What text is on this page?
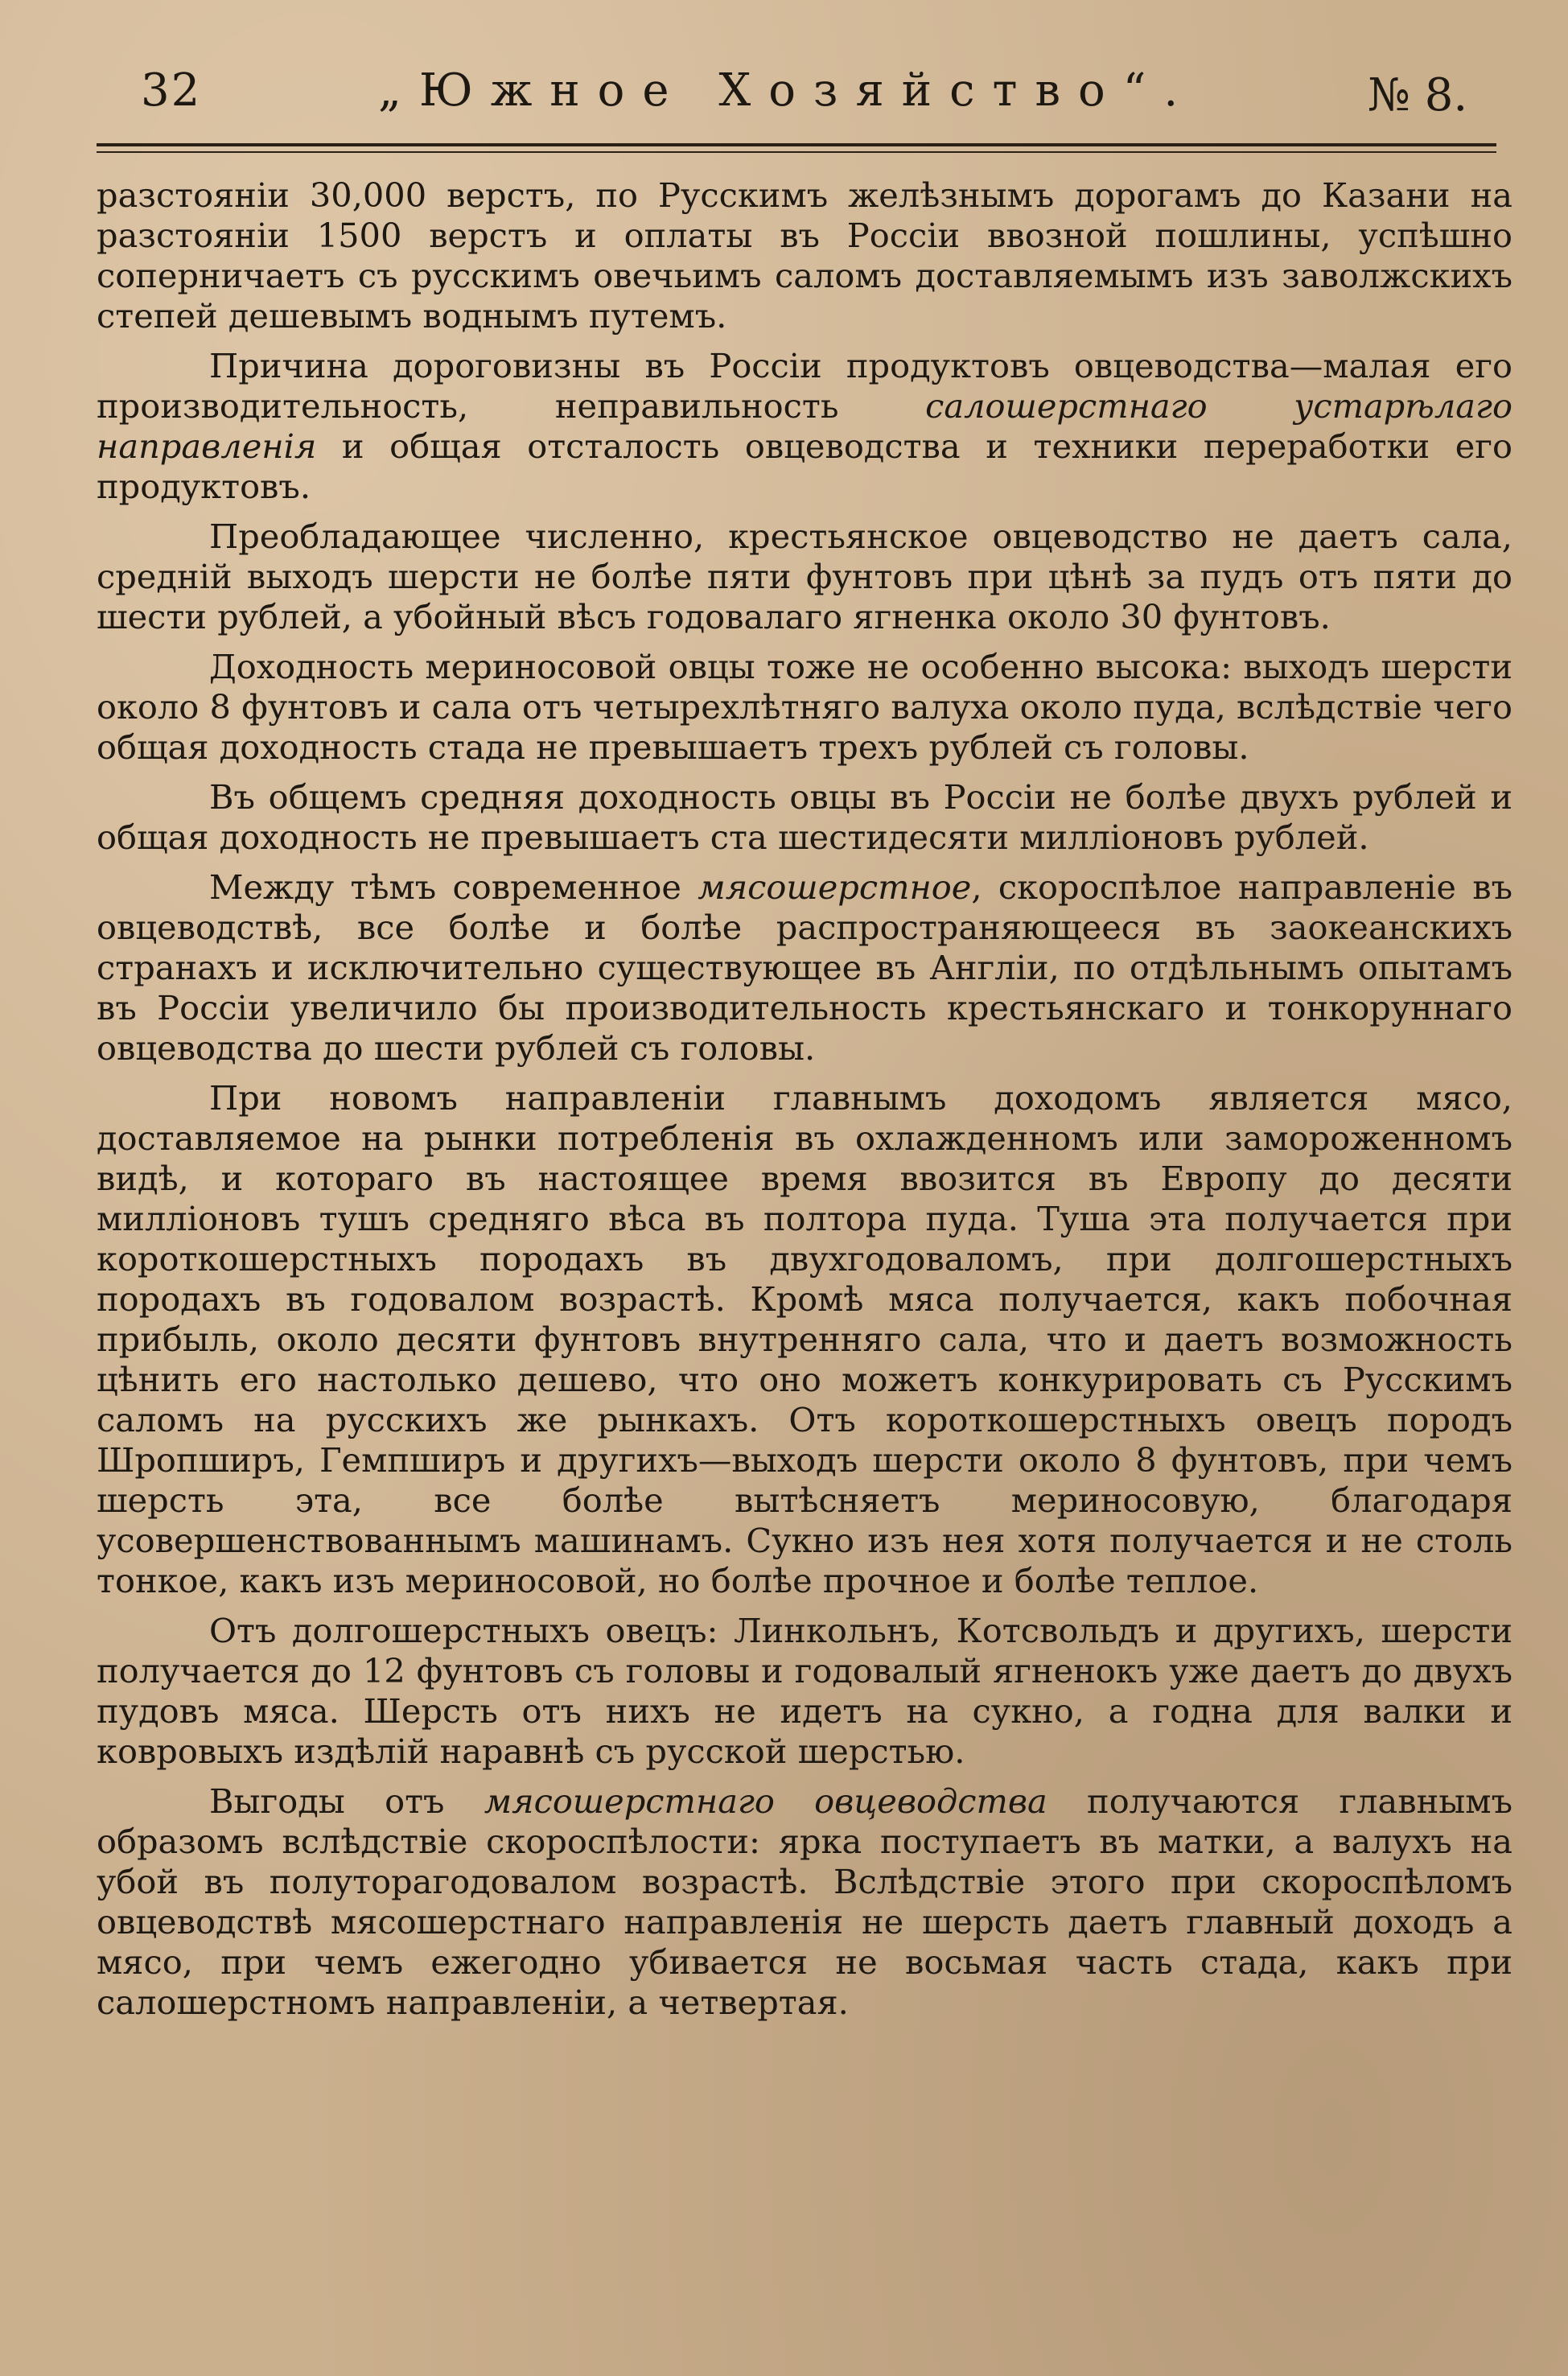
32	„Южное Хозяйство“.	№ 8.

разстояніи 30,000 верстъ, по Русскимъ желѣзнымъ дорогамъ до Казани на разстояніи 1500 верстъ и оплаты въ Россіи ввозной пошлины, успѣшно соперничаетъ съ русскимъ овечьимъ саломъ доставляемымъ изъ заволжскихъ степей дешевымъ воднымъ путемъ.

Причина дороговизны въ Россіи продуктовъ овцеводства—малая его производительность, неправильность салошерстнаго устарѣлаго направленія и общая отсталость овцеводства и техники переработки его продуктовъ.

Преобладающее численно, крестьянское овцеводство не даетъ сала, среднiй выходъ шерсти не болѣе пяти фунтовъ при цѣнѣ за пудъ отъ пяти до шести рублей, а убойный вѣсъ годовалаго ягненка около 30 фунтовъ.

Доходность мериносовой овцы тоже не особенно высока: выходъ шерсти около 8 фунтовъ и сала отъ четырехлѣтняго валуха около пуда, вслѣдствіе чего общая доходность стада не превышаетъ трехъ рублей съ головы.

Въ общемъ средняя доходность овцы въ Россіи не болѣе двухъ рублей и общая доходность не превышаетъ ста шестидесяти милліоновъ рублей.

Между тѣмъ современное мясошерстное, скороспѣлое направленіе въ овцеводствѣ, все болѣе и болѣе распространяющееся въ заокеанскихъ странахъ и исключительно существующее въ Англіи, по отдѣльнымъ опытамъ въ Россіи увеличило бы производительность крестьянскаго и тонкоруннаго овцеводства до шести рублей съ головы.

При новомъ направленіи главнымъ доходомъ является мясо, доставляемое на рынки потребленія въ охлажденномъ или замороженномъ видѣ, и котораго въ настоящее время ввозится въ Европу до десяти милліоновъ тушъ средняго вѣса въ полтора пуда. Туша эта получается при короткошерстныхъ породахъ въ двухгодоваломъ, при долгошерстныхъ породахъ въ годовалом возрастѣ. Кромѣ мяса получается, какъ побочная прибыль, около десяти фунтовъ внутренняго сала, что и даетъ возможность цѣнить его настолько дешево, что оно можетъ конкурировать съ Русскимъ саломъ на русскихъ же рынкахъ. Отъ короткошерстныхъ овецъ породъ Шропширъ, Гемпширъ и другихъ—выходъ шерсти около 8 фунтовъ, при чемъ шерсть эта, все болѣе вытѣсняетъ мериносовую, благодаря усовершенствованнымъ машинамъ. Сукно изъ нея хотя получается и не столь тонкое, какъ изъ мериносовой, но болѣе прочное и болѣе теплое.

Отъ долгошерстныхъ овецъ: Линкольнъ, Котсвольдъ и другихъ, шерсти получается до 12 фунтовъ съ головы и годовалый ягненокъ уже даетъ до двухъ пудовъ мяса. Шерсть отъ нихъ не идетъ на сукно, а годна для валки и ковровыхъ издѣлій наравнѣ съ русской шерстью.

Выгоды отъ мясошерстнаго овцеводства получаются главнымъ образомъ вслѣдствіе скороспѣлости: ярка поступаетъ въ матки, а валухъ на убой въ полуторагодовалом возрастѣ. Вслѣдствіе этого при скороспѣломъ овцеводствѣ мясошерстнаго направленія не шерсть даетъ главный доходъ а мясо, при чемъ ежегодно убивается не восьмая часть стада, какъ при салошерстномъ направленіи, а четвертая.
